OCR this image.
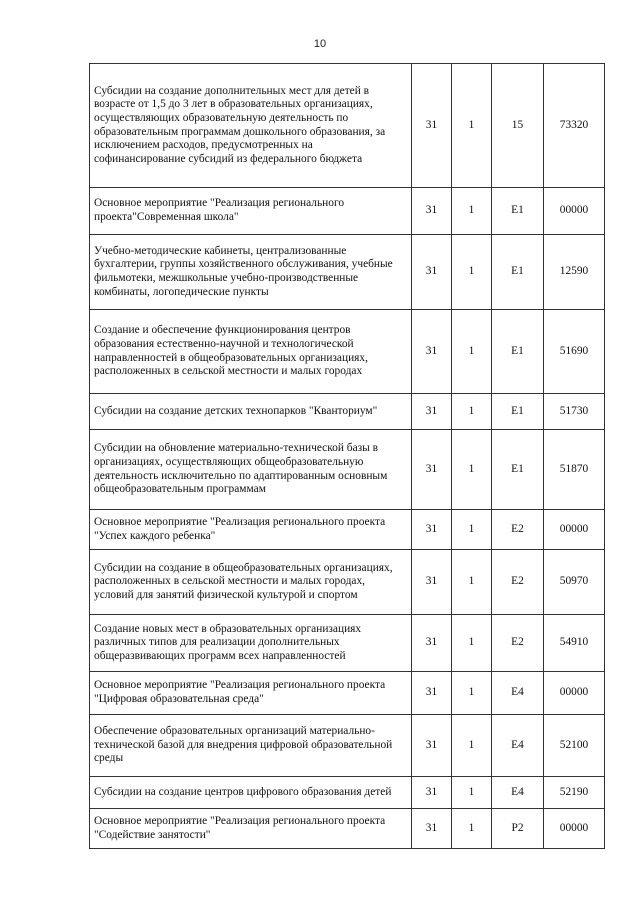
10
Субсидии на создание дополнительных мест для детей в возрасте от 1,5 до 3 лет в образовательных организациях, осуществляющих образовательную деятельность по образовательным программам дошкольного образования, за исключением расходов, предусмотренных на софинансирование субсидий из федерального бюджета	31	1	15	73320
Основное мероприятие "Реализация регионального проекта"Современная школа"	31	1	E1	00000
Учебно-методические кабинеты, централизованные бухгалтерии, группы хозяйственного обслуживания, учебные фильмотеки, межшкольные учебно-производственные комбинаты, логопедические пункты	31	1	E1	12590
Создание и обеспечение функционирования центров образования естественно-научной и технологической направленностей в общеобразовательных организациях, расположенных в сельской местности и малых городах	31	1	E1	51690
Субсидии на создание детских технопарков "Кванториум"	31	1	E1	51730
Субсидии на обновление материально-технической базы в организациях, осуществляющих общеобразовательную деятельность исключительно по адаптированным основным общеобразовательным программам	31	1	E1	51870
Основное мероприятие "Реализация регионального проекта "Успех каждого ребенка"	31	1	E2	00000
Субсидии на создание в общеобразовательных организациях, расположенных в сельской местности и малых городах, условий для занятий физической культурой и спортом	31	1	E2	50970
Создание новых мест в образовательных организациях различных типов для реализации дополнительных общеразвивающих программ всех направленностей	31	1	E2	54910
Основное мероприятие "Реализация регионального проекта "Цифровая образовательная среда"	31	1	E4	00000
Обеспечение образовательных организаций материально-технической базой для внедрения цифровой образовательной среды	31	1	E4	52100
Субсидии на создание центров цифрового образования детей	31	1	E4	52190
Основное мероприятие "Реализация регионального проекта "Содействие занятости"	31	1	P2	00000
